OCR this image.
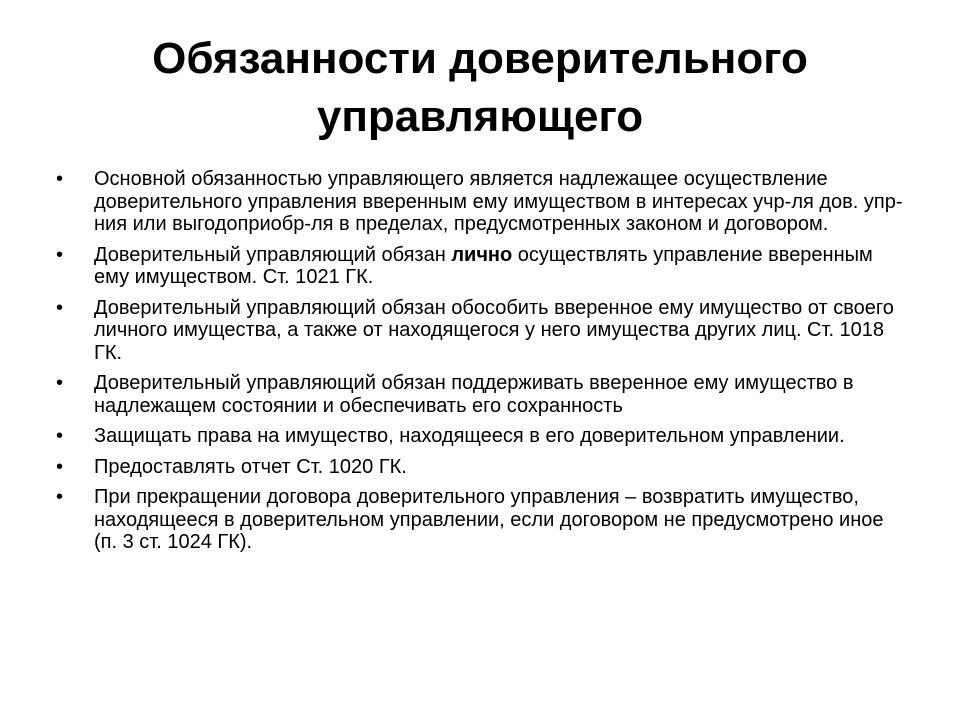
Обязанности доверительного
управляющего
• Основной обязанностью управляющего является надлежащее осуществление доверительного управления вверенным ему имуществом в интересах учр-ля дов. упр-ния или выгодоприобр-ля в пределах, предусмотренных законом и договором.
• Доверительный управляющий обязан лично осуществлять управление вверенным ему имуществом. Ст. 1021 ГК.
• Доверительный управляющий обязан обособить вверенное ему имущество от своего личного имущества, а также от находящегося у него имущества других лиц. Ст. 1018 ГК.
• Доверительный управляющий обязан поддерживать вверенное ему имущество в надлежащем состоянии и обеспечивать его сохранность
• Защищать права на имущество, находящееся в его доверительном управлении.
• Предоставлять отчет Ст. 1020 ГК.
• При прекращении договора доверительного управления – возвратить имущество, находящееся в доверительном управлении, если договором не предусмотрено иное (п. 3 ст. 1024 ГК).
